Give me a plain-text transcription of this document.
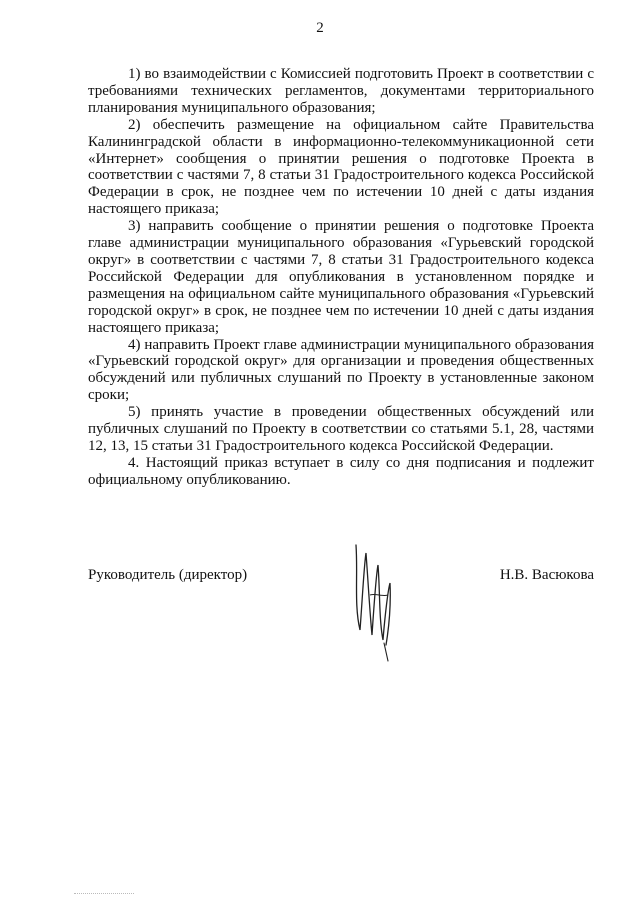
2

1) во взаимодействии с Комиссией подготовить Проект в соответствии с требованиями технических регламентов, документами территориального планирования муниципального образования;

2) обеспечить размещение на официальном сайте Правительства Калининградской области в информационно-телекоммуникационной сети «Интернет» сообщения о принятии решения о подготовке Проекта в соответствии с частями 7, 8 статьи 31 Градостроительного кодекса Российской Федерации в срок, не позднее чем по истечении 10 дней с даты издания настоящего приказа;

3) направить сообщение о принятии решения о подготовке Проекта главе администрации муниципального образования «Гурьевский городской округ» в соответствии с частями 7, 8 статьи 31 Градостроительного кодекса Российской Федерации для опубликования в установленном порядке и размещения на официальном сайте муниципального образования «Гурьевский городской округ» в срок, не позднее чем по истечении 10 дней с даты издания настоящего приказа;

4) направить Проект главе администрации муниципального образования «Гурьевский городской округ» для организации и проведения общественных обсуждений или публичных слушаний по Проекту в установленные законом сроки;

5) принять участие в проведении общественных обсуждений или публичных слушаний по Проекту в соответствии со статьями 5.1, 28, частями 12, 13, 15 статьи 31 Градостроительного кодекса Российской Федерации.

4. Настоящий приказ вступает в силу со дня подписания и подлежит официальному опубликованию.

Руководитель (директор)	Н.В. Васюкова
